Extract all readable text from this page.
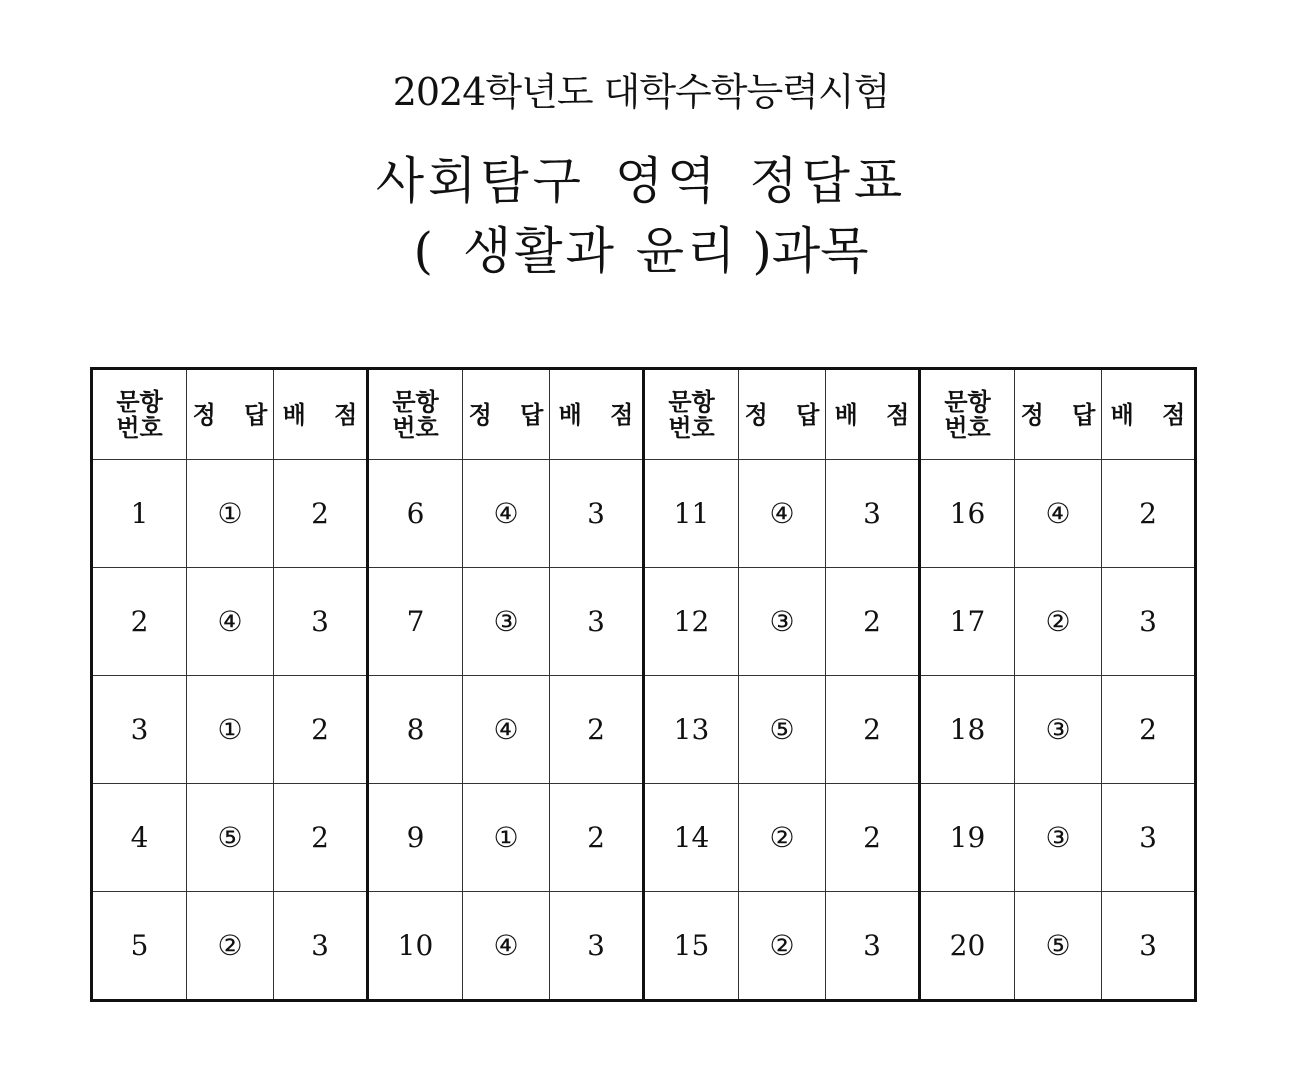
2024학년도 대학수학능력시험
사회탐구 영역 정답표
( 생활과 윤리 )과목
문항 번호	정 답	배 점	문항 번호	정 답	배 점	문항 번호	정 답	배 점	문항 번호	정 답	배 점
1	①	2	6	④	3	11	④	3	16	④	2
2	④	3	7	③	3	12	③	2	17	②	3
3	①	2	8	④	2	13	⑤	2	18	③	2
4	⑤	2	9	①	2	14	②	2	19	③	3
5	②	3	10	④	3	15	②	3	20	⑤	3
